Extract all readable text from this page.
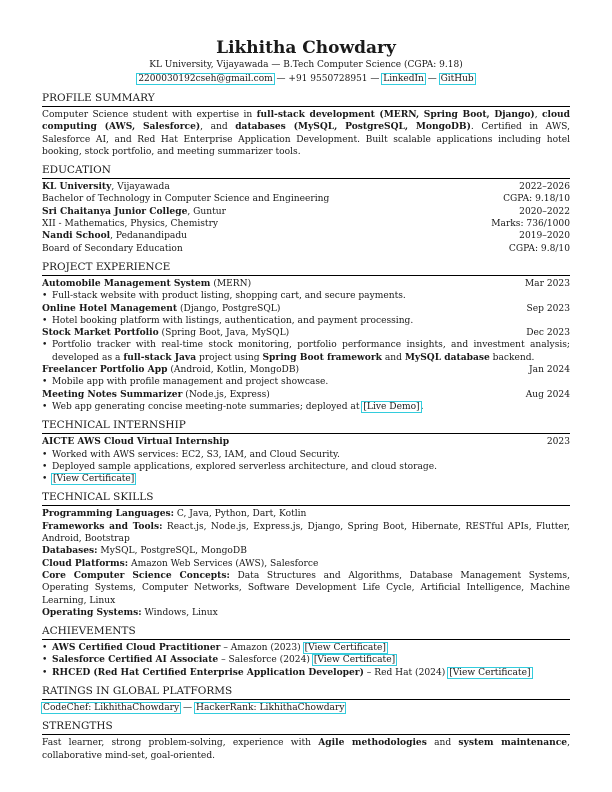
Likhitha Chowdary
KL University, Vijayawada — B.Tech Computer Science (CGPA: 9.18)
2200030192cseh@gmail.com — +91 9550728951 — LinkedIn — GitHub
PROFILE SUMMARY
Computer Science student with expertise in full-stack development (MERN, Spring Boot, Django), cloud computing (AWS, Salesforce), and databases (MySQL, PostgreSQL, MongoDB). Certified in AWS, Salesforce AI, and Red Hat Enterprise Application Development. Built scalable applications including hotel booking, stock portfolio, and meeting summarizer tools.
EDUCATION
KL University, Vijayawada	2022–2026
Bachelor of Technology in Computer Science and Engineering	CGPA: 9.18/10
Sri Chaitanya Junior College, Guntur	2020–2022
XII - Mathematics, Physics, Chemistry	Marks: 736/1000
Nandi School, Pedanandipadu	2019–2020
Board of Secondary Education	CGPA: 9.8/10
PROJECT EXPERIENCE
Automobile Management System (MERN)	Mar 2023
• Full-stack website with product listing, shopping cart, and secure payments.
Online Hotel Management (Django, PostgreSQL)	Sep 2023
• Hotel booking platform with listings, authentication, and payment processing.
Stock Market Portfolio (Spring Boot, Java, MySQL)	Dec 2023
• Portfolio tracker with real-time stock monitoring, portfolio performance insights, and investment analysis; developed as a full-stack Java project using Spring Boot framework and MySQL database backend.
Freelancer Portfolio App (Android, Kotlin, MongoDB)	Jan 2024
• Mobile app with profile management and project showcase.
Meeting Notes Summarizer (Node.js, Express)	Aug 2024
• Web app generating concise meeting-note summaries; deployed at [Live Demo].
TECHNICAL INTERNSHIP
AICTE AWS Cloud Virtual Internship	2023
• Worked with AWS services: EC2, S3, IAM, and Cloud Security.
• Deployed sample applications, explored serverless architecture, and cloud storage.
• [View Certificate]
TECHNICAL SKILLS
Programming Languages: C, Java, Python, Dart, Kotlin
Frameworks and Tools: React.js, Node.js, Express.js, Django, Spring Boot, Hibernate, RESTful APIs, Flutter, Android, Bootstrap
Databases: MySQL, PostgreSQL, MongoDB
Cloud Platforms: Amazon Web Services (AWS), Salesforce
Core Computer Science Concepts: Data Structures and Algorithms, Database Management Systems, Operating Systems, Computer Networks, Software Development Life Cycle, Artificial Intelligence, Machine Learning, Linux
Operating Systems: Windows, Linux
ACHIEVEMENTS
• AWS Certified Cloud Practitioner – Amazon (2023) [View Certificate]
• Salesforce Certified AI Associate – Salesforce (2024) [View Certificate]
• RHCED (Red Hat Certified Enterprise Application Developer) – Red Hat (2024) [View Certificate]
RATINGS IN GLOBAL PLATFORMS
CodeChef: LikhithaChowdary — HackerRank: LikhithaChowdary
STRENGTHS
Fast learner, strong problem-solving, experience with Agile methodologies and system maintenance, collaborative mind-set, goal-oriented.
